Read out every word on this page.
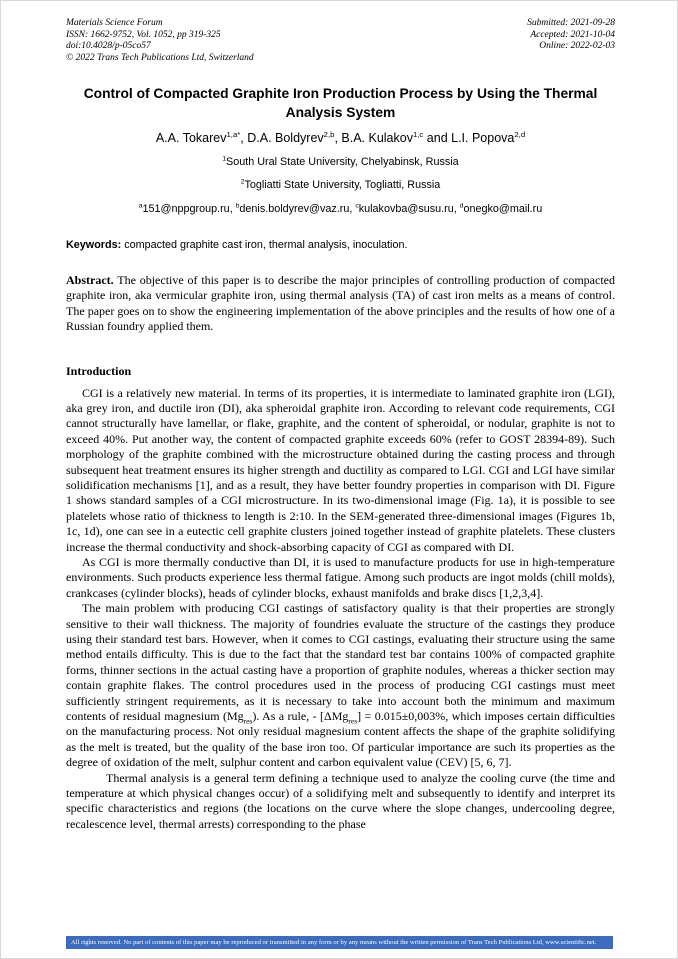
Materials Science Forum
ISSN: 1662-9752, Vol. 1052, pp 319-325
doi:10.4028/p-05co57
© 2022 Trans Tech Publications Ltd, Switzerland
Submitted: 2021-09-28
Accepted: 2021-10-04
Online: 2022-02-03
Control of Compacted Graphite Iron Production Process by Using the Thermal Analysis System
A.A. Tokarev$^{1,a*}$, D.A. Boldyrev$^{2,b}$, B.A. Kulakov$^{1,c}$ and L.I. Popova$^{2,d}$
$^1$South Ural State University, Chelyabinsk, Russia
$^2$Togliatti State University, Togliatti, Russia
$^a$151@nppgroup.ru, $^b$denis.boldyrev@vaz.ru, $^c$kulakovba@susu.ru, $^d$onegko@mail.ru

Keywords: compacted graphite cast iron, thermal analysis, inoculation.

Abstract. The objective of this paper is to describe the major principles of controlling production of compacted graphite iron, aka vermicular graphite iron, using thermal analysis (TA) of cast iron melts as a means of control. The paper goes on to show the engineering implementation of the above principles and the results of how one of a Russian foundry applied them.

Introduction

CGI is a relatively new material. In terms of its properties, it is intermediate to laminated graphite iron (LGI), aka grey iron, and ductile iron (DI), aka spheroidal graphite iron. According to relevant code requirements, CGI cannot structurally have lamellar, or flake, graphite, and the content of spheroidal, or nodular, graphite is not to exceed 40%. Put another way, the content of compacted graphite exceeds 60% (refer to GOST 28394-89). Such morphology of the graphite combined with the microstructure obtained during the casting process and through subsequent heat treatment ensures its higher strength and ductility as compared to LGI. CGI and LGI have similar solidification mechanisms [1], and as a result, they have better foundry properties in comparison with DI. Figure 1 shows standard samples of a CGI microstructure. In its two-dimensional image (Fig. 1a), it is possible to see platelets whose ratio of thickness to length is 2:10. In the SEM-generated three-dimensional images (Figures 1b, 1c, 1d), one can see in a eutectic cell graphite clusters joined together instead of graphite platelets. These clusters increase the thermal conductivity and shock-absorbing capacity of CGI as compared with DI.

As CGI is more thermally conductive than DI, it is used to manufacture products for use in high-temperature environments. Such products experience less thermal fatigue. Among such products are ingot molds (chill molds), crankcases (cylinder blocks), heads of cylinder blocks, exhaust manifolds and brake discs [1,2,3,4].

The main problem with producing CGI castings of satisfactory quality is that their properties are strongly sensitive to their wall thickness. The majority of foundries evaluate the structure of the castings they produce using their standard test bars. However, when it comes to CGI castings, evaluating their structure using the same method entails difficulty. This is due to the fact that the standard test bar contains 100% of compacted graphite forms, thinner sections in the actual casting have a proportion of graphite nodules, whereas a thicker section may contain graphite flakes. The control procedures used in the process of producing CGI castings must meet sufficiently stringent requirements, as it is necessary to take into account both the minimum and maximum contents of residual magnesium $(Mg_{res})$. As a rule, - [ΔMg$_{res}$] = 0.015±0,003%, which imposes certain difficulties on the manufacturing process. Not only residual magnesium content affects the shape of the graphite solidifying as the melt is treated, but the quality of the base iron too. Of particular importance are such its properties as the degree of oxidation of the melt, sulphur content and carbon equivalent value (CEV) [5, 6, 7].

Thermal analysis is a general term defining a technique used to analyze the cooling curve (the time and temperature at which physical changes occur) of a solidifying melt and subsequently to identify and interpret its specific characteristics and regions (the locations on the curve where the slope changes, undercooling degree, recalescence level, thermal arrests) corresponding to the phase

All rights reserved. No part of contents of this paper may be reproduced or transmitted in any form or by any means without the written permission of Trans Tech Publications Ltd, www.scientific.net.
